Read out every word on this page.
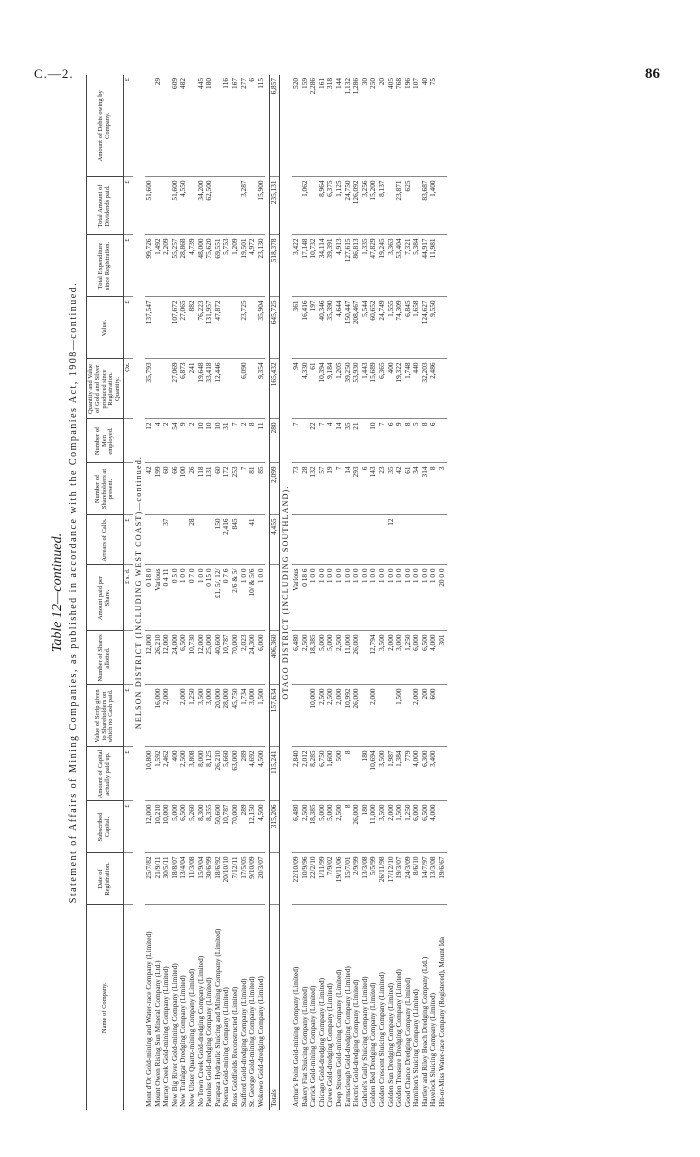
C.—2.	86
Table 12—continued. Statement of Affairs of Mining Companies, as published in accordance with the Companies Act, 1908—continued.
Name of Company.	Date of Registration.	Subscribed Capital.	Amount of Capital actually paid up.	Value of Scrip given to Shareholders on which no Cash paid.	Number of Shares allotted.	Amount paid per Share.	Arrears of Calls.	Number of Shareholders at present.	Number of Men employed.	Quantity and Value of Gold and Silver produced since Registration. Quantity.	Value.	Total Expenditure since Registration.	Total Amount of Dividends paid.	Amount of Debts owing by Company.
		£	£	£		£ s. d.	£			Oz.	£	£	£	£
NELSON DISTRICT (INCLUDING WEST COAST)—continued.														
Mont d'Or Gold-mining and Water-race Company (Limited)	25/7/82	12,000	10,800		12,000	0 18 0		42	12	35,793	137,547	99,726	51,600	
Mount Owen Rising Sun Mineral Company (Ltd.)	21/9/11	10,210	1,592	16,000	26,210	Various		199	4			1,492		29
Murray Creek Gold-mining Company (Limited)	30/5/11	10,000	2,462	2,000	12,000	0 4 11	37	60	2			2,209		
New Big River Gold-mining Company (Limited)	18/8/07	5,000	400		24,000	0 5 0		66	54	27,069	107,672	55,257	51,600	609
New Trafalgar Dredging Company (Limited)	13/4/04	6,500	2,500	2,000	6,500	1 0 0		100	9	6,873	27,065	28,868	4,550	482
New Ulster Quartz-mining Company (Limited)	11/3/08	5,260	3,808	1,250	10,730	0 7 0	28	26	2	241	882	4,739		
No Town Creek Gold-dredging Company (Limited)	15/9/04	8,300	8,000	3,500	12,000	1 0 0		118	10	19,648	76,223	48,000	34,200	445
Paetolus Gold-dredging Company (Limited)	30/6/99	8,355	8,125	3,000	25,000	0 15 0		131	10	33,418	131,957	75,620	62,500	180
Parapara Hydraulic Sluicing and Mining Company (Limited)	18/6/92	50,600	26,210	20,000	40,600	£1, 5/, 12/	150	60	10	12,446	47,872	69,551		
Poerua Gold-mining Company (Limited)	20/10/10	10,787	5,660	28,000	10,787	0 7 6	2,416	172	31			5,753		116
Ross Goldfields Reconstructed (Limited)	7/12/11	70,000	63,000	45,750	70,000	2/6 & 5/	845	253	7			1,209		167
Stafford Gold-dredging Company (Limited)	17/5/05	289	289	1,734	2,023	1 0 0		7	2	6,090	23,725	19,501	3,287	277
St. George Gold-mining Company (Limited)	9/10/09	12,150	4,692	3,000	24,300	10/ & 5/6	41	81	8			4,972		6
Wokowo Gold-dredging Company (Limited)	20/3/07	4,500	4,500	1,500	6,000	1 0 0		85	11	9,354	35,904	23,130	15,900	115

Totals		315,206	115,241	157,634	406,360		4,455	2,099	280	165,432	645,725	518,378	235,131	6,857
OTAGO DISTRICT (INCLUDING SOUTHLAND).														
Arthur's Point Gold-mining Company (Limited)	22/10/09	6,480	2,840		6,480	Various		73	7	94	361	3,422		520
Bakery Flat Sluicing Company (Limited)	10/9/96	2,500	2,012		2,500	0 18 6		28		4,330	16,416	17,148	1,062	159
Carrick Gold-mining Company (Limited)	22/2/10	18,385	8,285	10,000	18,385	1 0 0		132	22	61	197	10,732		2,286
Chicago Gold-dredging Company (Limited)	1/11/99	5,000	6,750	2,500	5,000	1 0 0		57	7	10,394	40,346	34,114	8,964	161
Crewe Gold-dredging Company (Limited)	7/9/02	5,000	1,600	2,500	5,000	1 0 0		19	4	9,184	35,390	39,391	6,375	318
Deep Stream Gold-mining Company (Limited)	19/11/06	2,500	500	2,000	2,500	1 0 0		7	14	1,205	4,644	4,913	1,125	144
Earnscleugh Gold-dredging Company (Limited)	15/7/01	8	8	10,992	11,000	1 0 0		14	35	39,250	150,447	127,615	24,750	1,132
Electric Gold-dredging Company (Limited)	2/9/99	26,000		26,000	26,000	1 0 0		293	21	53,930	208,467	86,813	126,092	1,286
Gabriel's Gully Sluicing Company (Limited)	13/3/08	180	180			1 0 0		6		1,443	5,544	1,335	3,256	30
Golden Bed Dredging Company (Limited)	5/5/99	11,000	10,694	2,000	12,794	1 0 0		143	10	15,689	60,652	47,829	15,200	250
Golden Crescent Sluicing Company (Limited)	26/11/98	3,500	3,500		3,500	1 0 0		23	7	6,365	24,749	19,245	8,137	20
Golden Sun Dredging Company (Limited)	17/12/10	2,000	1,987		2,000	1 0 0	12	35	6	400	1,555	3,363		405
Golden Treasure Dredging Company (Limited)	19/3/07	1,500	1,384	1,500	3,000	1 0 0		42	9	19,322	74,309	53,404	23,871	768
Good Chance Dredging Company (Limited)	24/3/09	1,250	779		1,250	1 0 0		61	8	1,748	6,845	7,321	625	196
Hamilton's Sluicing Company (Limited)	8/6/10	6,000	4,000	2,000	6,000	1 0 0		34	5	440	1,658	5,384		107
Hartley and Riley Beach Dredging Company (Ltd.)	14/7/97	6,500	6,300	200	6,500	1 0 0		314	8	32,203	124,627	44,917	83,687	40
Havelock Sluicing Company (Limited)	13/3/08	4,000	3,400	600	4,000	1 0 0		8	6	2,486	9,550	11,981	1,400	75
Hit-or-Miss Water-race Company (Registered), Mount Ida	19/6/67				301	20 0 0		3						
